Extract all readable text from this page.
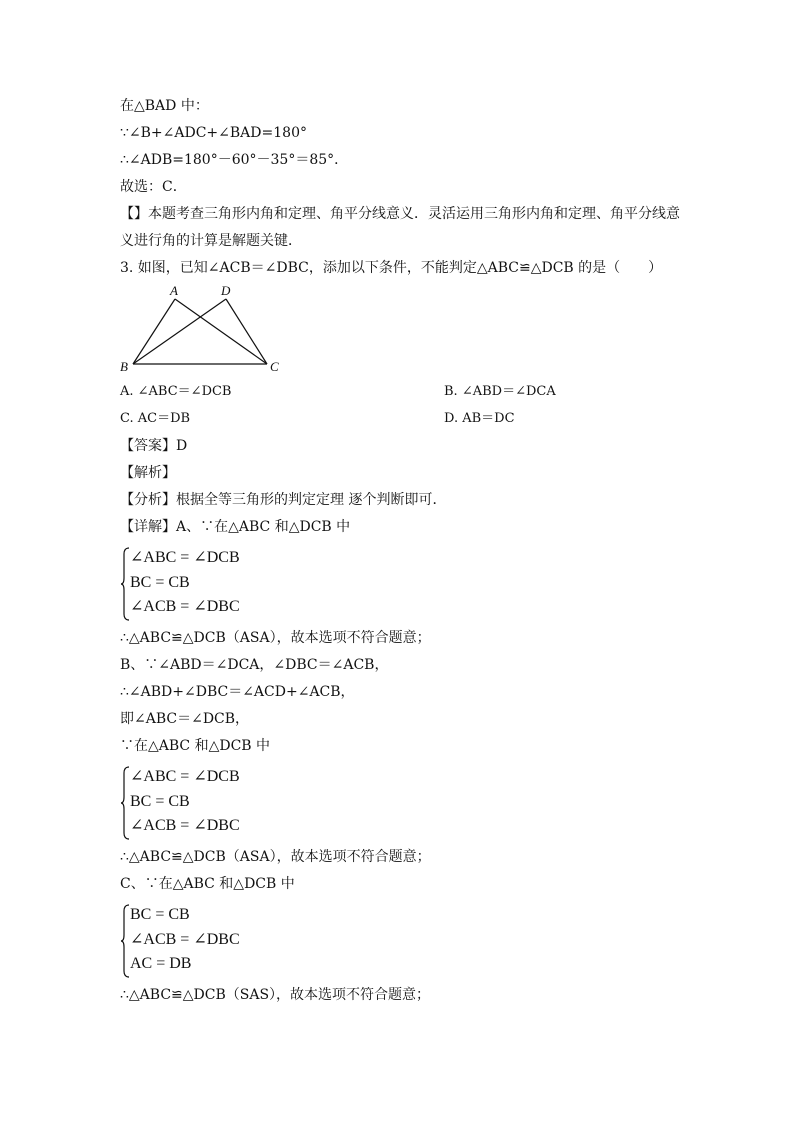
在△BAD 中：
∵∠B+∠ADC+∠BAD=180°
∴∠ADB=180°－60°－35°＝85°．
故选：C．
【】本题考查三角形内角和定理、角平分线意义．灵活运用三角形内角和定理、角平分线意
义进行角的计算是解题关键．
3. 如图，已知∠ACB＝∠DBC，添加以下条件，不能判定△ABC≌△DCB 的是（　　）
A	D
B	C
A. ∠ABC＝∠DCB	B. ∠ABD＝∠DCA
C. AC＝DB	D. AB＝DC
【答案】D
【解析】
【分析】根据全等三角形的判定定理 逐个判断即可．
【详解】A、∵在△ABC 和△DCB 中
∠ABC = ∠DCB
BC = CB
∠ACB = ∠DBC
∴△ABC≌△DCB（ASA），故本选项不符合题意；
B、∵∠ABD＝∠DCA，∠DBC＝∠ACB，
∴∠ABD+∠DBC＝∠ACD+∠ACB，
即∠ABC＝∠DCB，
∵在△ABC 和△DCB 中
∠ABC = ∠DCB
BC = CB
∠ACB = ∠DBC
∴△ABC≌△DCB（ASA），故本选项不符合题意；
C、∵在△ABC 和△DCB 中
BC = CB
∠ACB = ∠DBC
AC = DB
∴△ABC≌△DCB（SAS），故本选项不符合题意；
